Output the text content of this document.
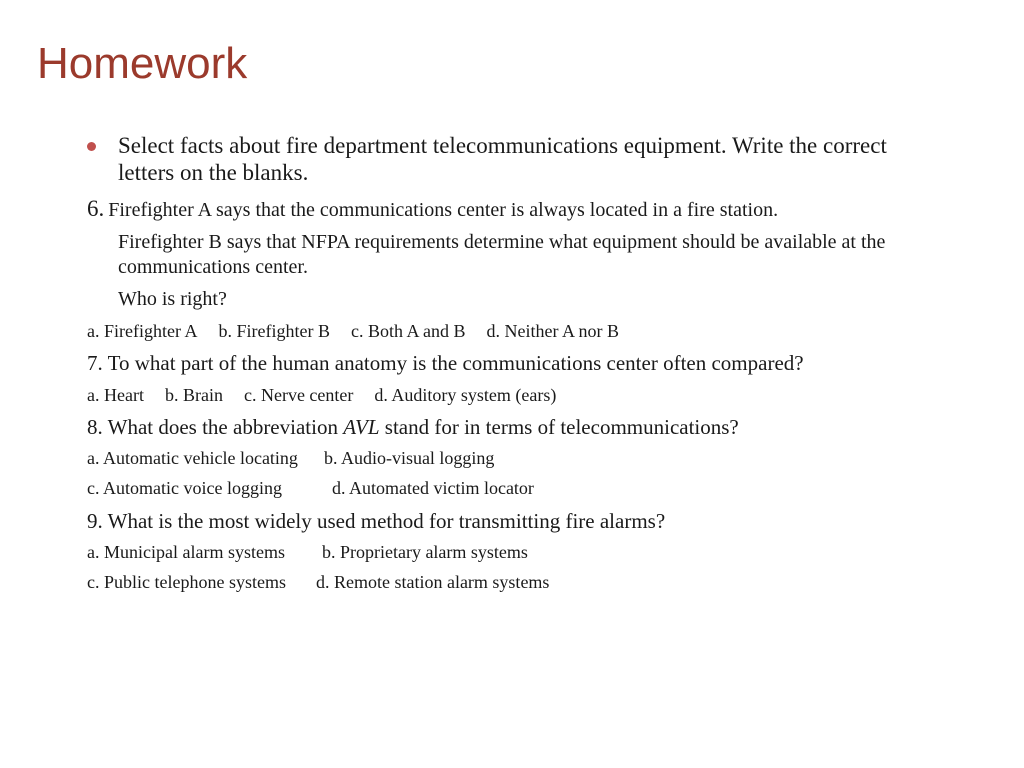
Homework
Select facts about fire department telecommunications equipment. Write the correct letters on the blanks.
6. Firefighter A says that the communications center is always located in a fire station.
Firefighter B says that NFPA requirements determine what equipment should be available at the communications center.
Who is right?
a. Firefighter A b. Firefighter B c. Both A and B d. Neither A nor B
7. To what part of the human anatomy is the communications center often compared?
a. Heart b. Brain c. Nerve center d. Auditory system (ears)
8. What does the abbreviation AVL stand for in terms of telecommunications?
a. Automatic vehicle locating b. Audio-visual logging
c. Automatic voice logging	d. Automated victim locator
9. What is the most widely used method for transmitting fire alarms?
a. Municipal alarm systems b. Proprietary alarm systems
c. Public telephone systems d. Remote station alarm systems
